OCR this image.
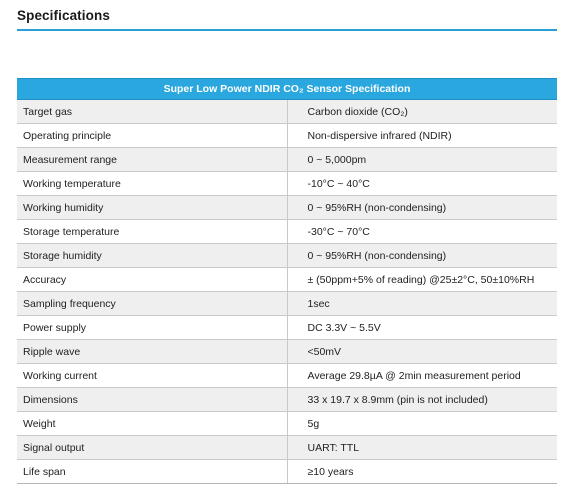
Specifications
Super Low Power NDIR CO₂ Sensor Specification	
Target gas	Carbon dioxide (CO₂)
Operating principle	Non-dispersive infrared (NDIR)
Measurement range	0 ~ 5,000pm
Working temperature	-10°C ~ 40°C
Working humidity	0 ~ 95%RH (non-condensing)
Storage temperature	-30°C ~ 70°C
Storage humidity	0 ~ 95%RH (non-condensing)
Accuracy	± (50ppm+5% of reading) @25±2°C, 50±10%RH
Sampling frequency	1sec
Power supply	DC 3.3V ~ 5.5V
Ripple wave	<50mV
Working current	Average 29.8µA @ 2min measurement period
Dimensions	33 x 19.7 x 8.9mm (pin is not included)
Weight	5g
Signal output	UART: TTL
Life span	≥10 years
